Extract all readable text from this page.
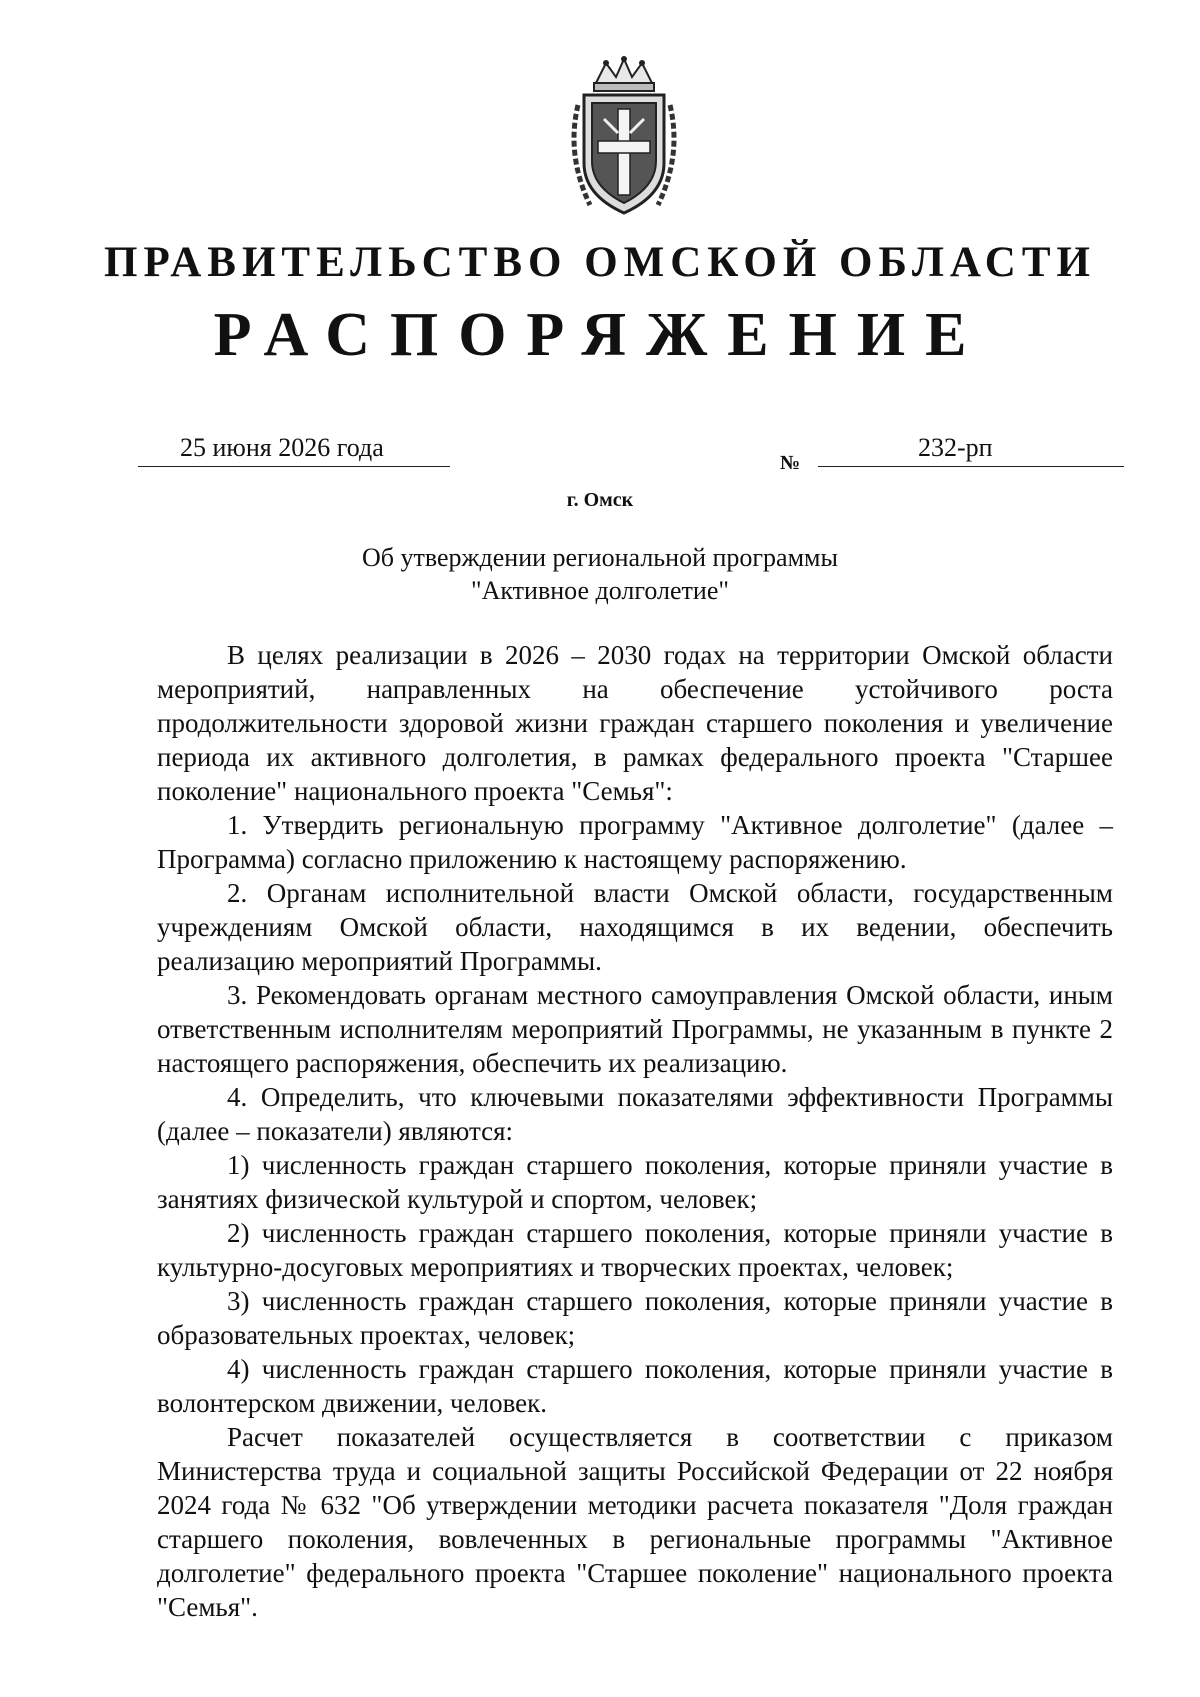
ПРАВИТЕЛЬСТВО ОМСКОЙ ОБЛАСТИ
РАСПОРЯЖЕНИЕ
25 июня 2026 года
№
232-рп
г. Омск
Об утверждении региональной программы
"Активное долголетие"

В целях реализации в 2026 – 2030 годах на территории Омской области мероприятий, направленных на обеспечение устойчивого роста продолжительности здоровой жизни граждан старшего поколения и увеличение периода их активного долголетия, в рамках федерального проекта "Старшее поколение" национального проекта "Семья":

1. Утвердить региональную программу "Активное долголетие" (далее – Программа) согласно приложению к настоящему распоряжению.

2. Органам исполнительной власти Омской области, государственным учреждениям Омской области, находящимся в их ведении, обеспечить реализацию мероприятий Программы.

3. Рекомендовать органам местного самоуправления Омской области, иным ответственным исполнителям мероприятий Программы, не указанным в пункте 2 настоящего распоряжения, обеспечить их реализацию.

4. Определить, что ключевыми показателями эффективности Программы (далее – показатели) являются:

1) численность граждан старшего поколения, которые приняли участие в занятиях физической культурой и спортом, человек;

2) численность граждан старшего поколения, которые приняли участие в культурно-досуговых мероприятиях и творческих проектах, человек;

3) численность граждан старшего поколения, которые приняли участие в образовательных проектах, человек;

4) численность граждан старшего поколения, которые приняли участие в волонтерском движении, человек.

Расчет показателей осуществляется в соответствии с приказом Министерства труда и социальной защиты Российской Федерации от 22 ноября 2024 года № 632 "Об утверждении методики расчета показателя "Доля граждан старшего поколения, вовлеченных в региональные программы "Активное долголетие" федерального проекта "Старшее поколение" национального проекта "Семья".
